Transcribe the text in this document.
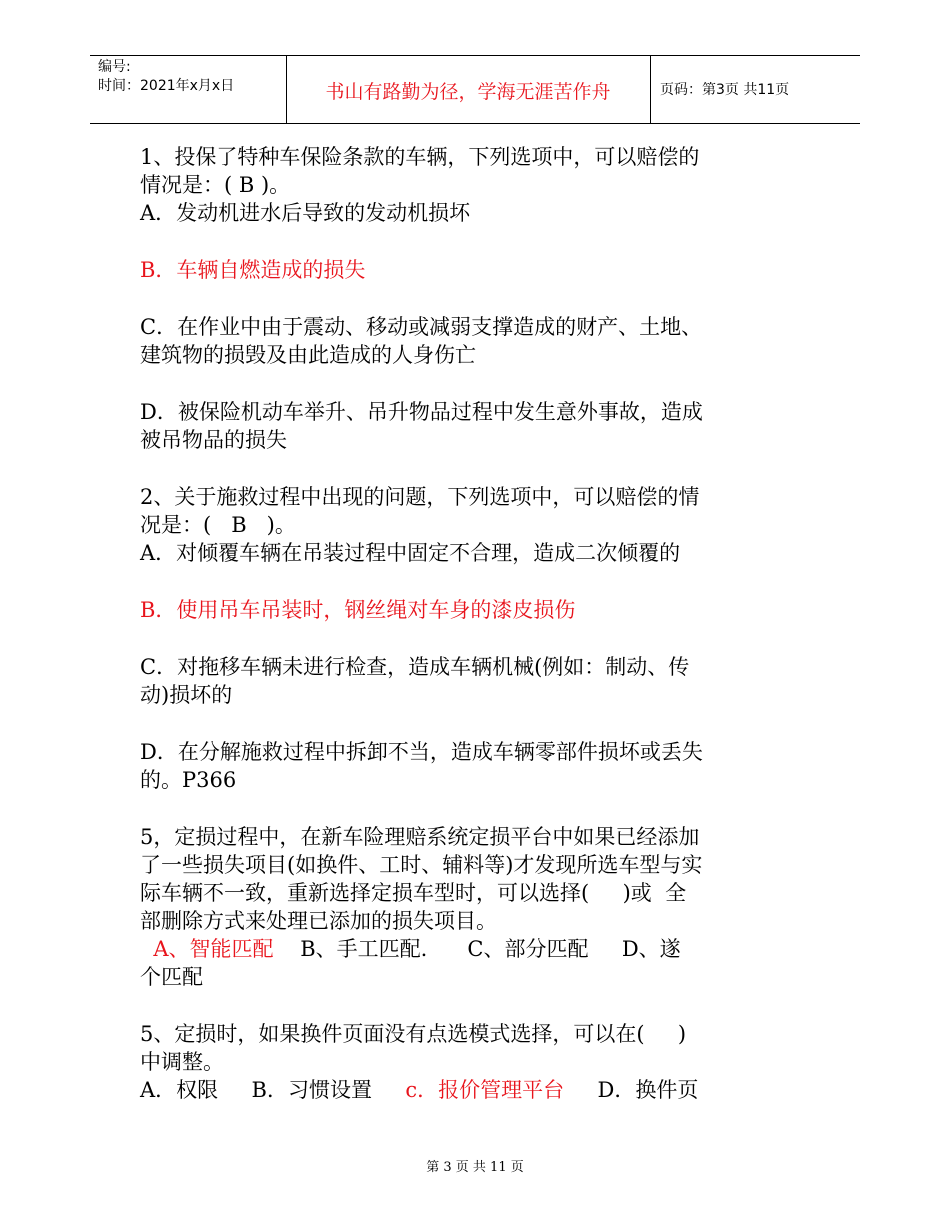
编号:
时间：2021年x月x日	书山有路勤为径，学海无涯苦作舟	页码：第3页 共11页

1、投保了特种车保险条款的车辆，下列选项中，可以赔偿的

情况是：( B )。

A．发动机进水后导致的发动机损坏

B．车辆自燃造成的损失

C．在作业中由于震动、移动或减弱支撑造成的财产、土地、

建筑物的损毁及由此造成的人身伤亡

D．被保险机动车举升、吊升物品过程中发生意外事故，造成

被吊物品的损失

2、关于施救过程中出现的问题，下列选项中，可以赔偿的情

况是：(   B   )。

A．对倾覆车辆在吊装过程中固定不合理，造成二次倾覆的

B．使用吊车吊装时，钢丝绳对车身的漆皮损伤

C．对拖移车辆未进行检查，造成车辆机械(例如：制动、传

动)损坏的

D．在分解施救过程中拆卸不当，造成车辆零部件损坏或丢失

的。P366

5，定损过程中，在新车险理赔系统定损平台中如果已经添加

了一些损失项目(如换件、工时、辅料等)才发现所选车型与实

际车辆不一致，重新选择定损车型时，可以选择(     )或  全

部删除方式来处理已添加的损失项目。

A、智能匹配    B、手工匹配.      C、部分匹配     D、遂

个匹配

5、定损时，如果换件页面没有点选模式选择，可以在(     )

中调整。

A．权限     B．习惯设置     c．报价管理平台     D．换件页

第 3 页 共 11 页
